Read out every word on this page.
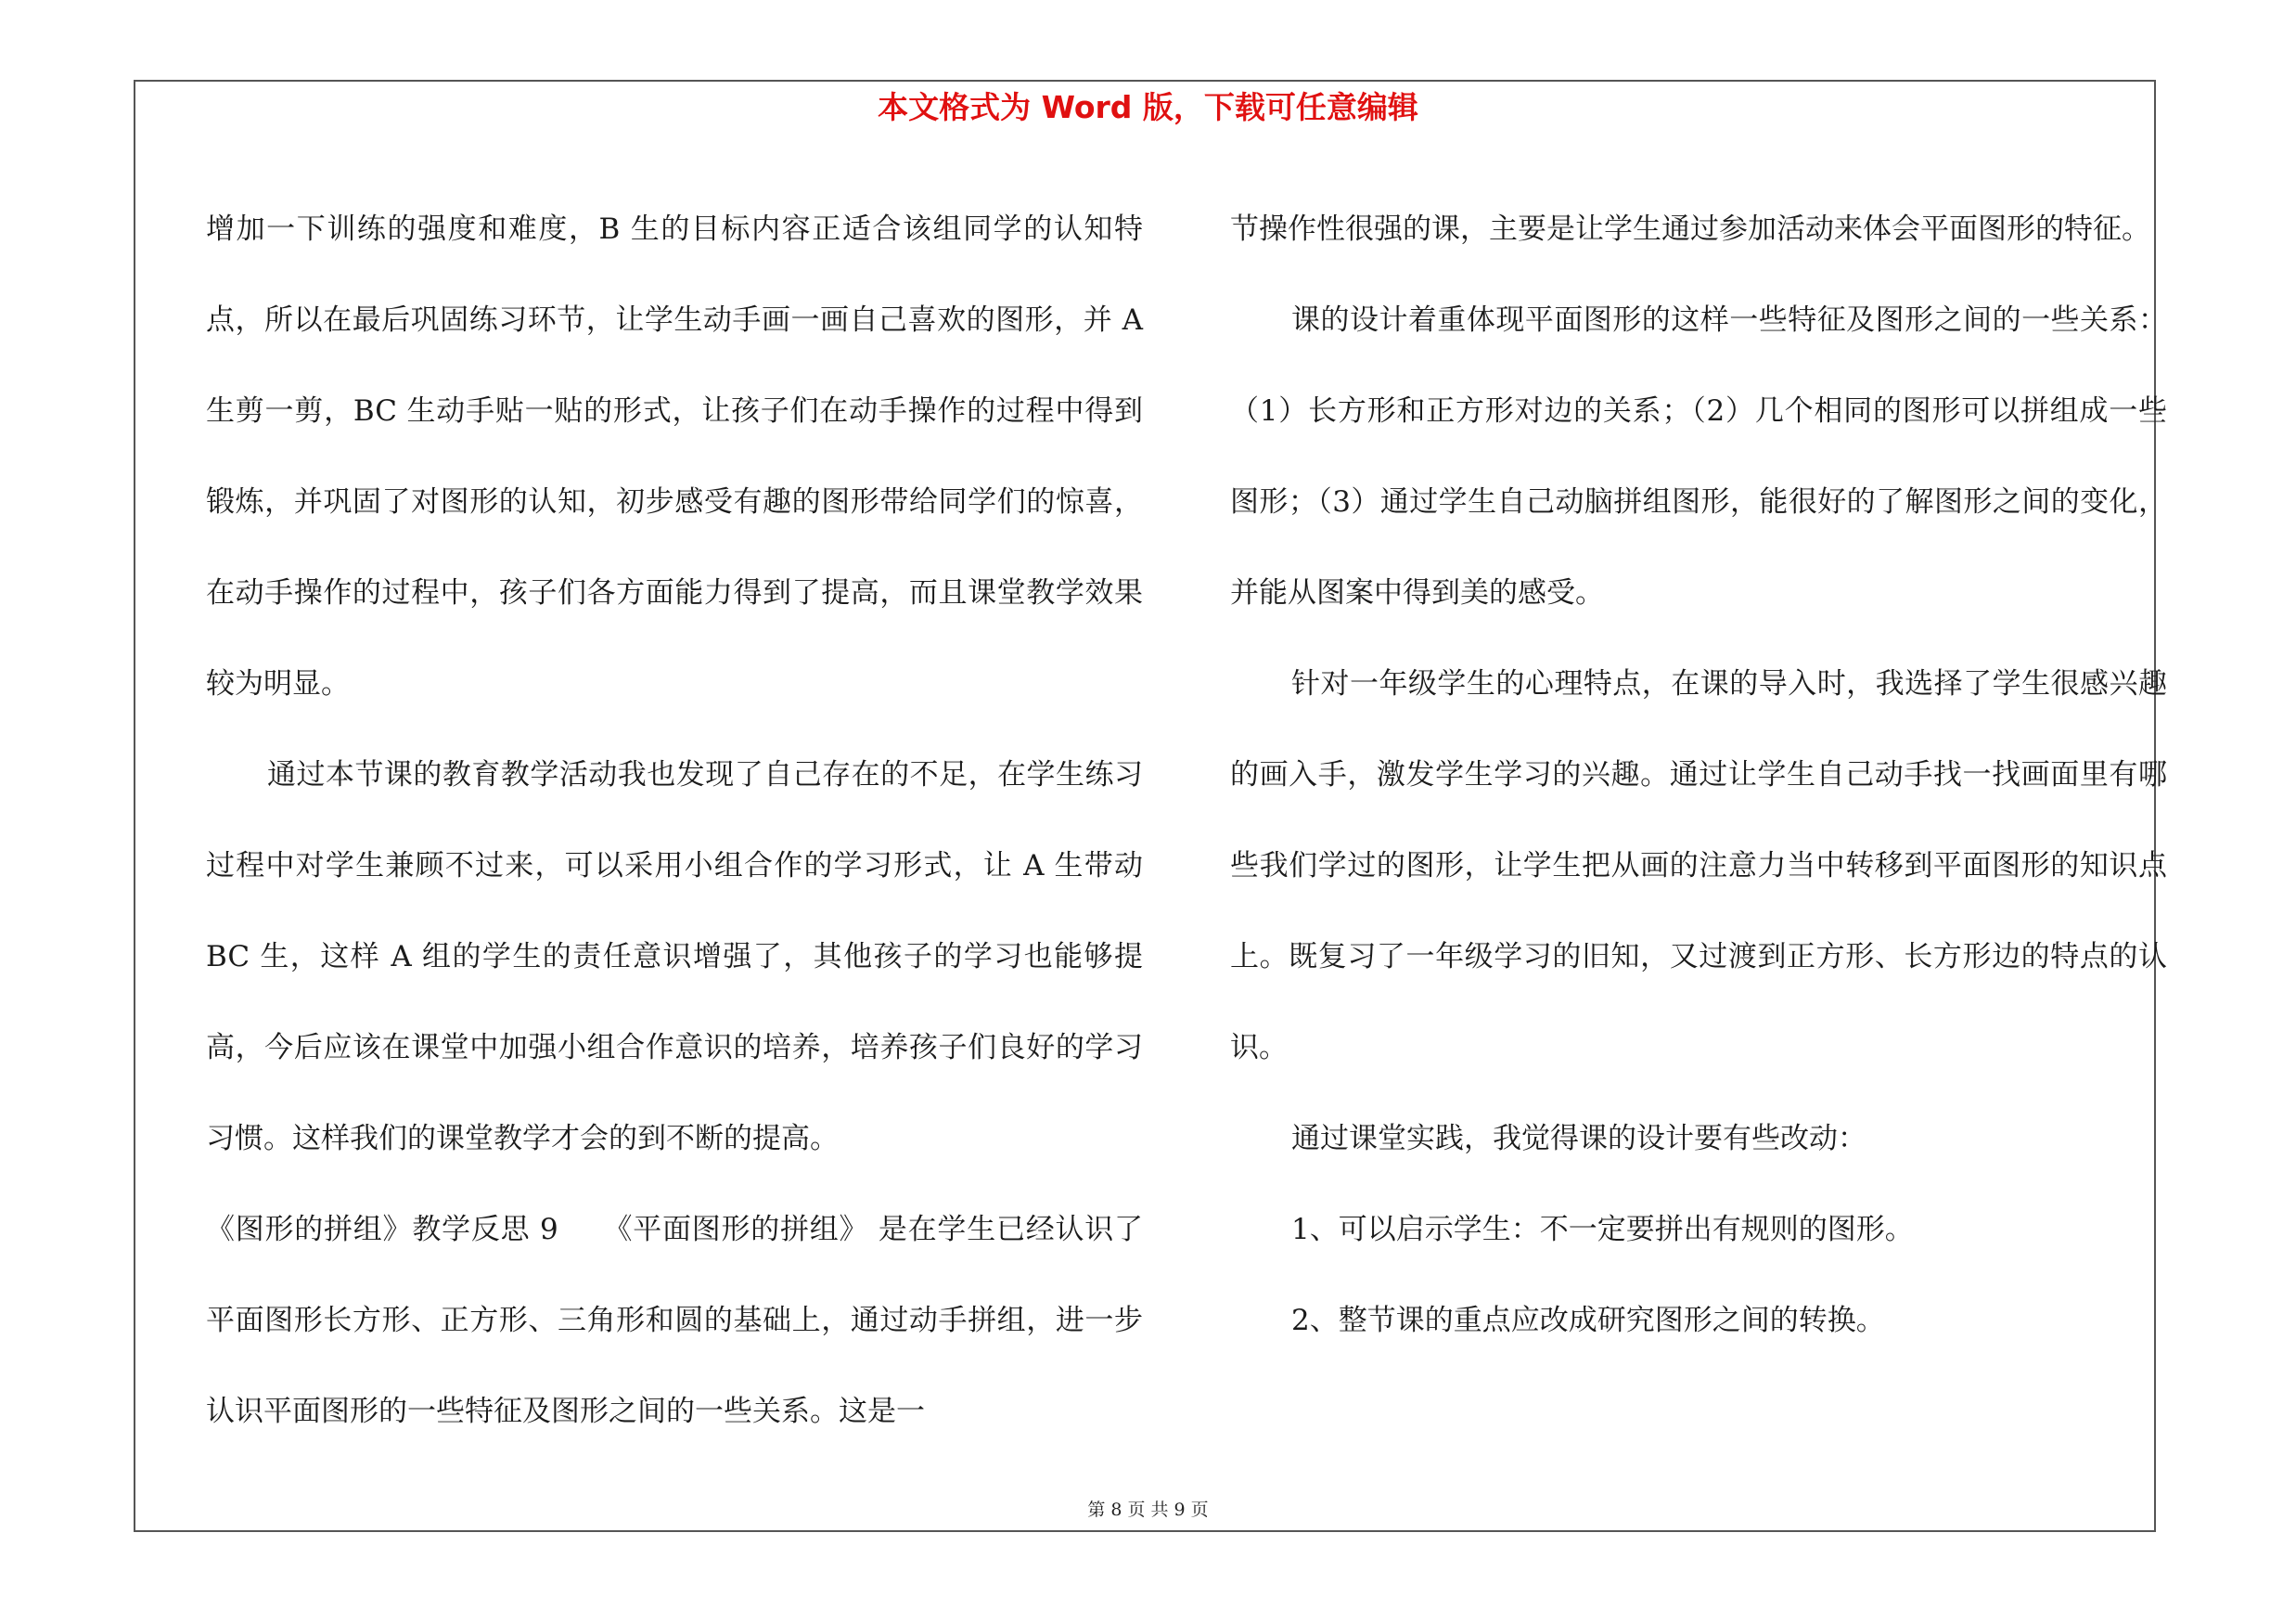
本文格式为 Word 版，下载可任意编辑

增加一下训练的强度和难度，B 生的目标内容正适合该组同学的认知特点，所以在最后巩固练习环节，让学生动手画一画自己喜欢的图形，并 A 生剪一剪，BC 生动手贴一贴的形式，让孩子们在动手操作的过程中得到锻炼，并巩固了对图形的认知，初步感受有趣的图形带给同学们的惊喜，在动手操作的过程中，孩子们各方面能力得到了提高，而且课堂教学效果较为明显。

通过本节课的教育教学活动我也发现了自己存在的不足，在学生练习过程中对学生兼顾不过来，可以采用小组合作的学习形式，让 A 生带动 BC 生，这样 A 组的学生的责任意识增强了，其他孩子的学习也能够提高，今后应该在课堂中加强小组合作意识的培养，培养孩子们良好的学习习惯。这样我们的课堂教学才会的到不断的提高。

《图形的拼组》教学反思 9　　《平面图形的拼组》 是在学生已经认识了平面图形长方形、正方形、三角形和圆的基础上，通过动手拼组，进一步认识平面图形的一些特征及图形之间的一些关系。这是一

节操作性很强的课，主要是让学生通过参加活动来体会平面图形的特征。

课的设计着重体现平面图形的这样一些特征及图形之间的一些关系：（1）长方形和正方形对边的关系；（2）几个相同的图形可以拼组成一些图形；（3）通过学生自己动脑拼组图形，能很好的了解图形之间的变化，并能从图案中得到美的感受。

针对一年级学生的心理特点，在课的导入时，我选择了学生很感兴趣的画入手，激发学生学习的兴趣。通过让学生自己动手找一找画面里有哪些我们学过的图形，让学生把从画的注意力当中转移到平面图形的知识点上。既复习了一年级学习的旧知，又过渡到正方形、长方形边的特点的认识。

通过课堂实践，我觉得课的设计要有些改动：

1、可以启示学生：不一定要拼出有规则的图形。

2、整节课的重点应改成研究图形之间的转换。

第 8 页 共 9 页
